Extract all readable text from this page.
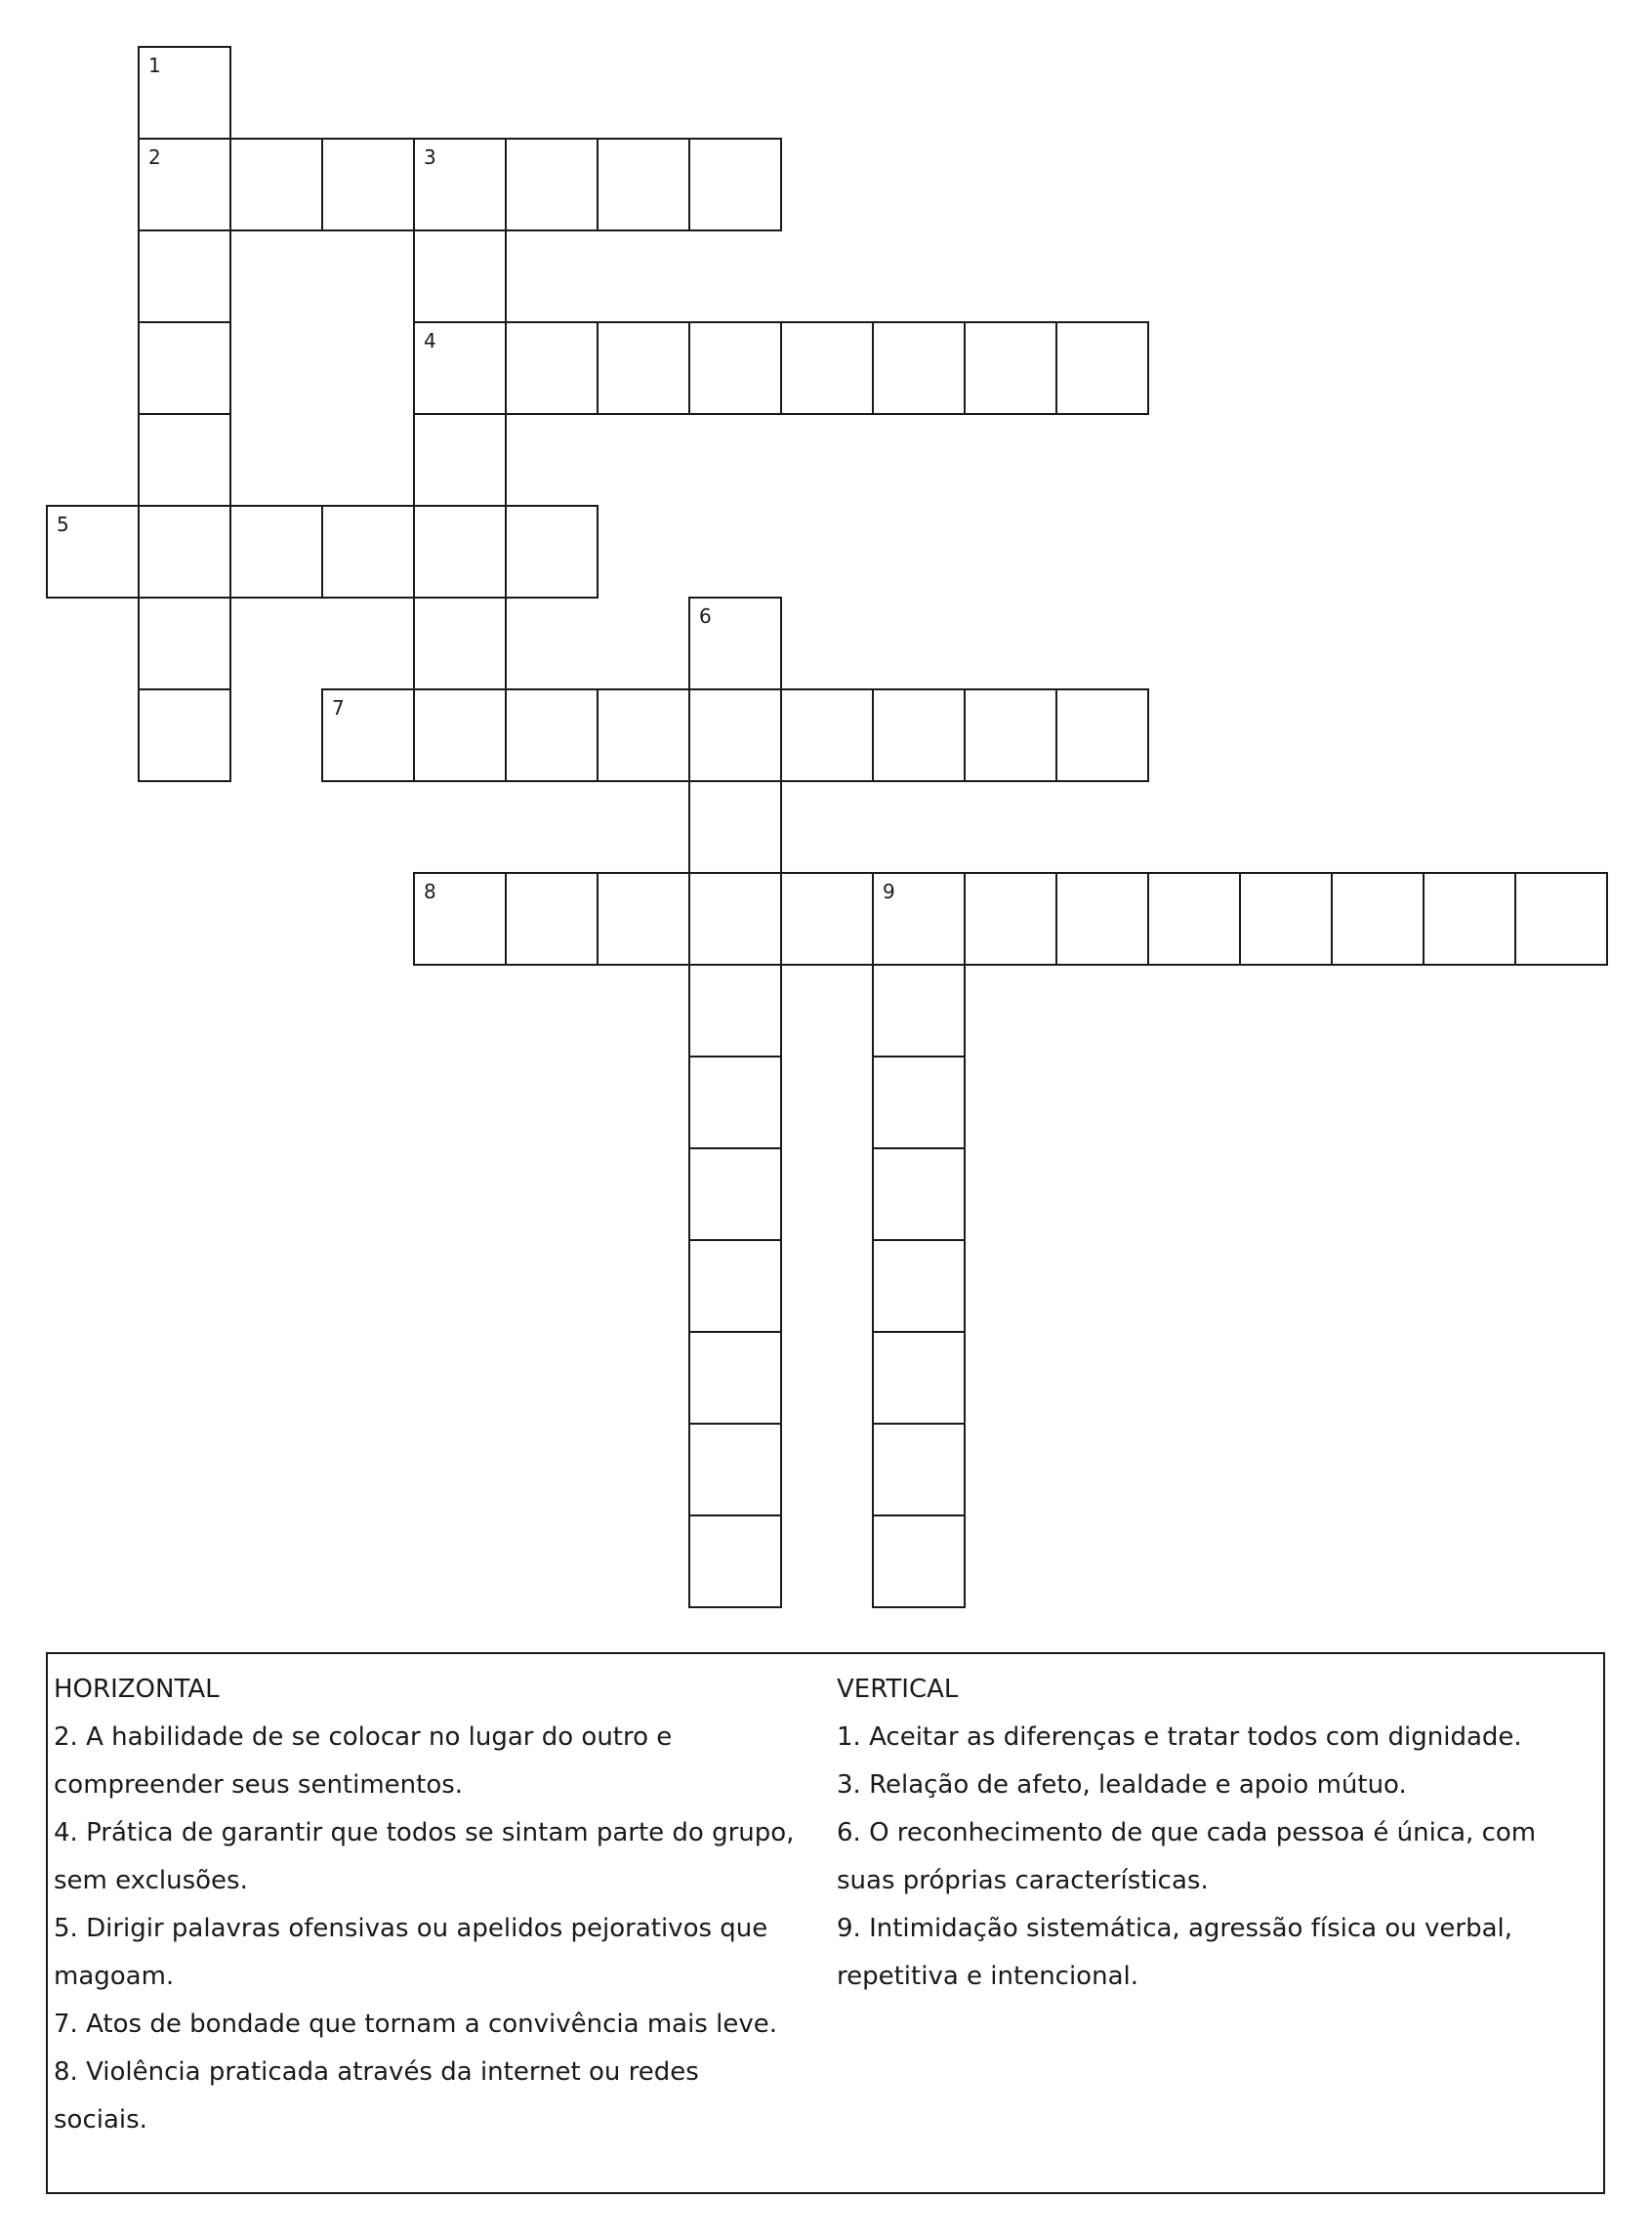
1
2	3
4
5
6
7
8	9
HORIZONTAL
2. A habilidade de se colocar no lugar do outro e
compreender seus sentimentos.
4. Prática de garantir que todos se sintam parte do grupo,
sem exclusões.
5. Dirigir palavras ofensivas ou apelidos pejorativos que
magoam.
7. Atos de bondade que tornam a convivência mais leve.
8. Violência praticada através da internet ou redes
sociais.
VERTICAL
1. Aceitar as diferenças e tratar todos com dignidade.
3. Relação de afeto, lealdade e apoio mútuo.
6. O reconhecimento de que cada pessoa é única, com
suas próprias características.
9. Intimidação sistemática, agressão física ou verbal,
repetitiva e intencional.
